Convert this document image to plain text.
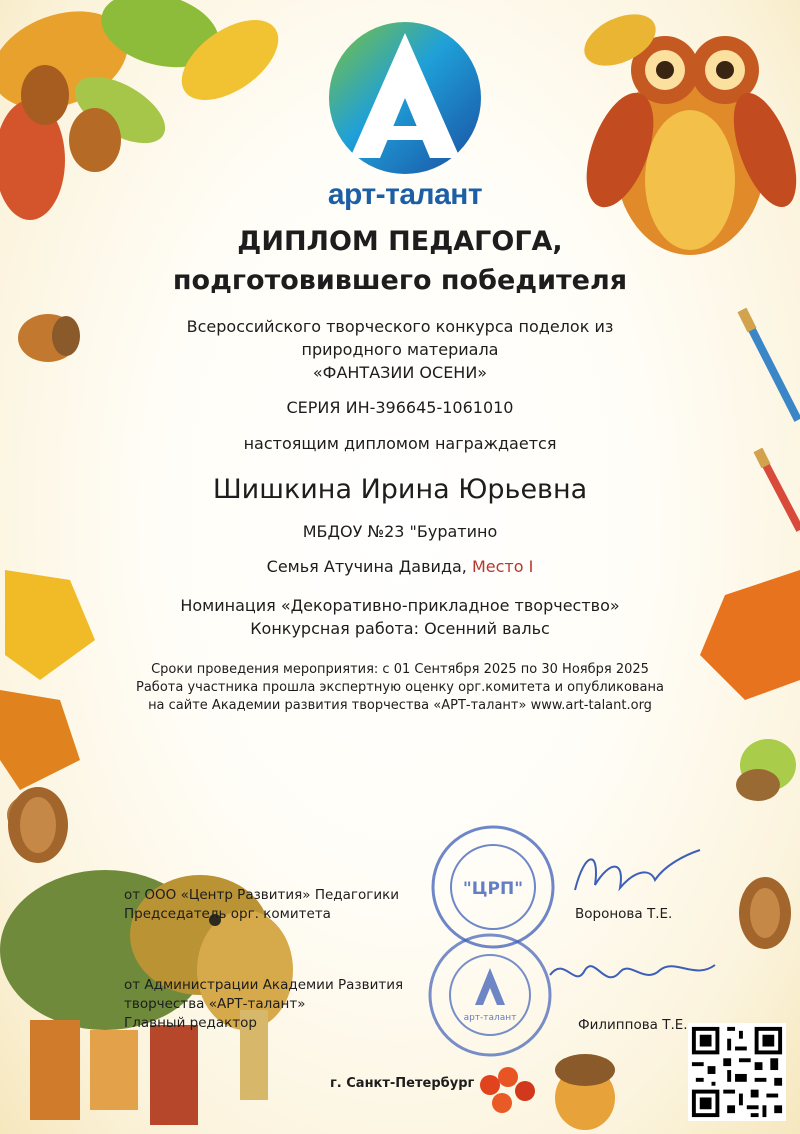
арт-талант
ДИПЛОМ ПЕДАГОГА,
подготовившего победителя
Всероссийского творческого конкурса поделок из
природного материала
«ФАНТАЗИИ ОСЕНИ»
СЕРИЯ ИН-396645-1061010
настоящим дипломом награждается
Шишкина Ирина Юрьевна
МБДОУ №23 "Буратино
Семья Атучина Давида, Место I
Номинация «Декоративно-прикладное творчество»
Конкурсная работа: Осенний вальс
Сроки проведения мероприятия: с 01 Сентября 2025 по 30 Ноября 2025
Работа участника прошла экспертную оценку орг.комитета и опубликована
на сайте Академии развития творчества «АРТ-талант» www.art-talant.org
"ЦРП"
арт-талант
от ООО «Центр Развития» Педагогики
Председатель орг. комитета	Воронова Т.Е.
от Администрации Академии Развития
творчества «АРТ-талант»
Главный редактор	Филиппова Т.Е.
г. Санкт-Петербург
